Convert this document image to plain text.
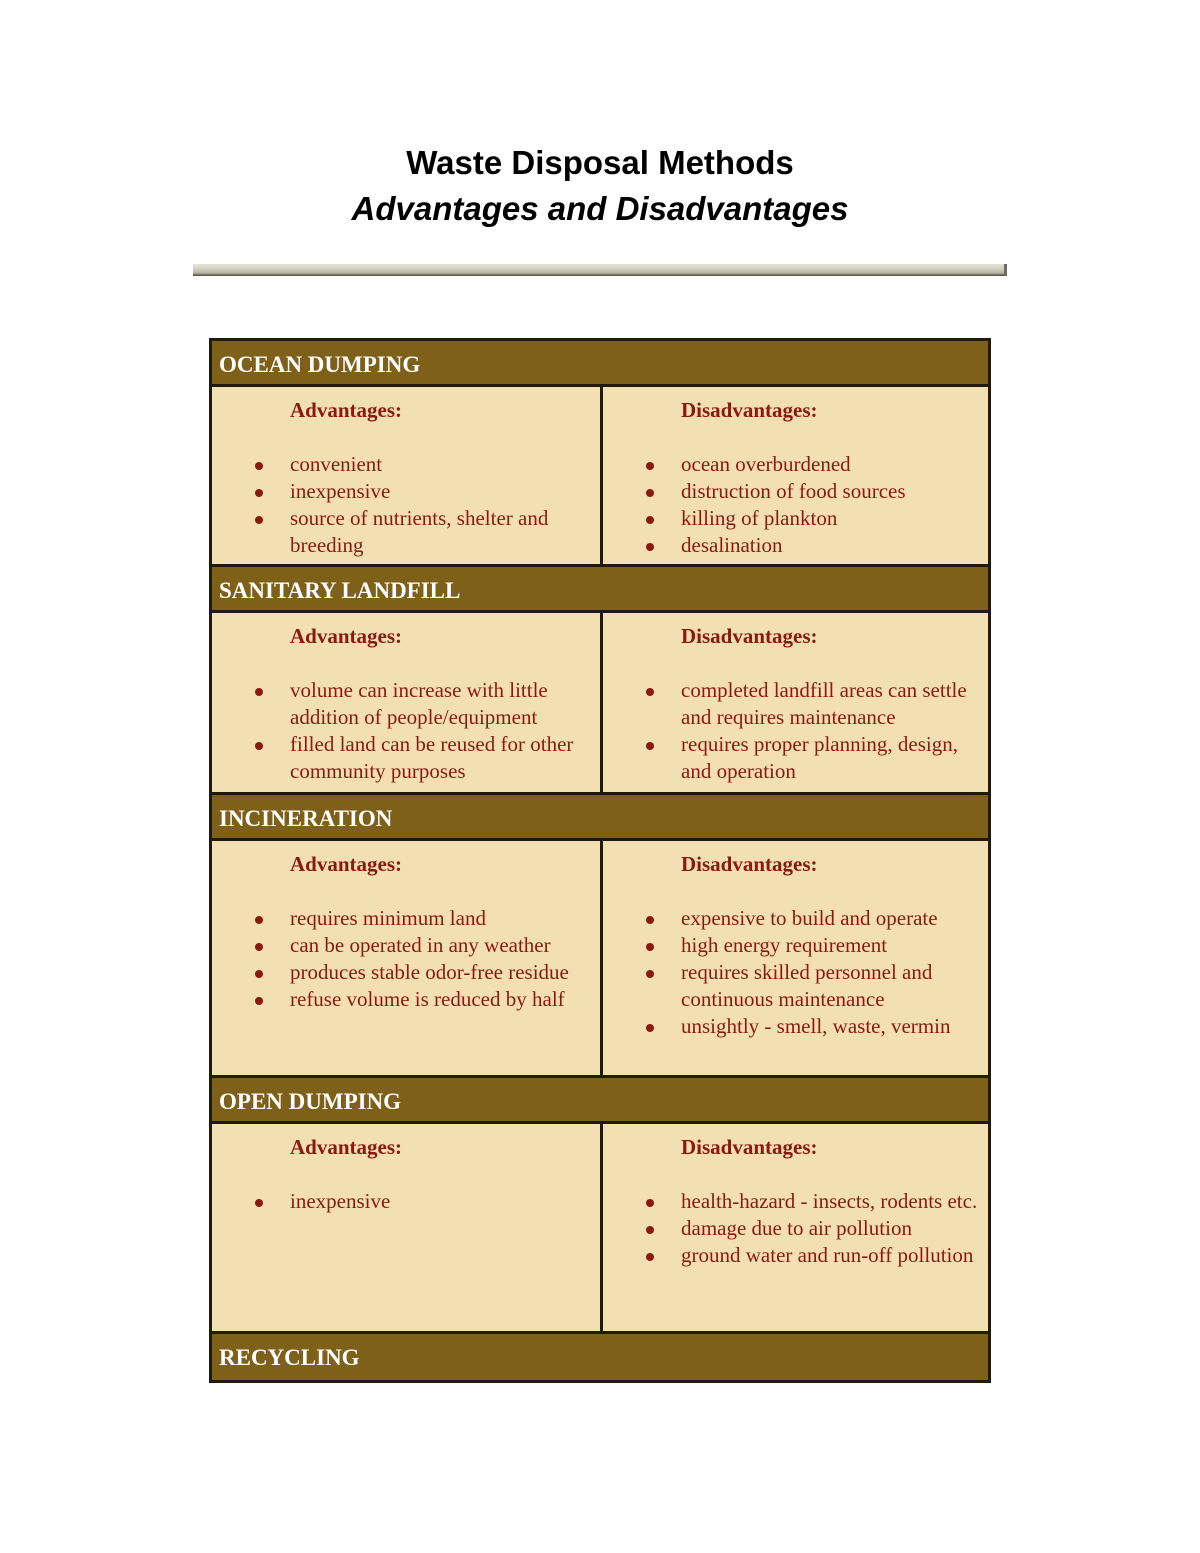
Waste Disposal Methods
Advantages and Disadvantages
OCEAN DUMPING
Advantages:
convenient
inexpensive
source of nutrients, shelter and breeding
Disadvantages:
ocean overburdened
distruction of food sources
killing of plankton
desalination
SANITARY LANDFILL
Advantages:
volume can increase with little addition of people/equipment
filled land can be reused for other community purposes
Disadvantages:
completed landfill areas can settle and requires maintenance
requires proper planning, design, and operation
INCINERATION
Advantages:
requires minimum land
can be operated in any weather
produces stable odor-free residue
refuse volume is reduced by half
Disadvantages:
expensive to build and operate
high energy requirement
requires skilled personnel and continuous maintenance
unsightly - smell, waste, vermin
OPEN DUMPING
Advantages:
inexpensive
Disadvantages:
health-hazard - insects, rodents etc.
damage due to air pollution
ground water and run-off pollution
RECYCLING
